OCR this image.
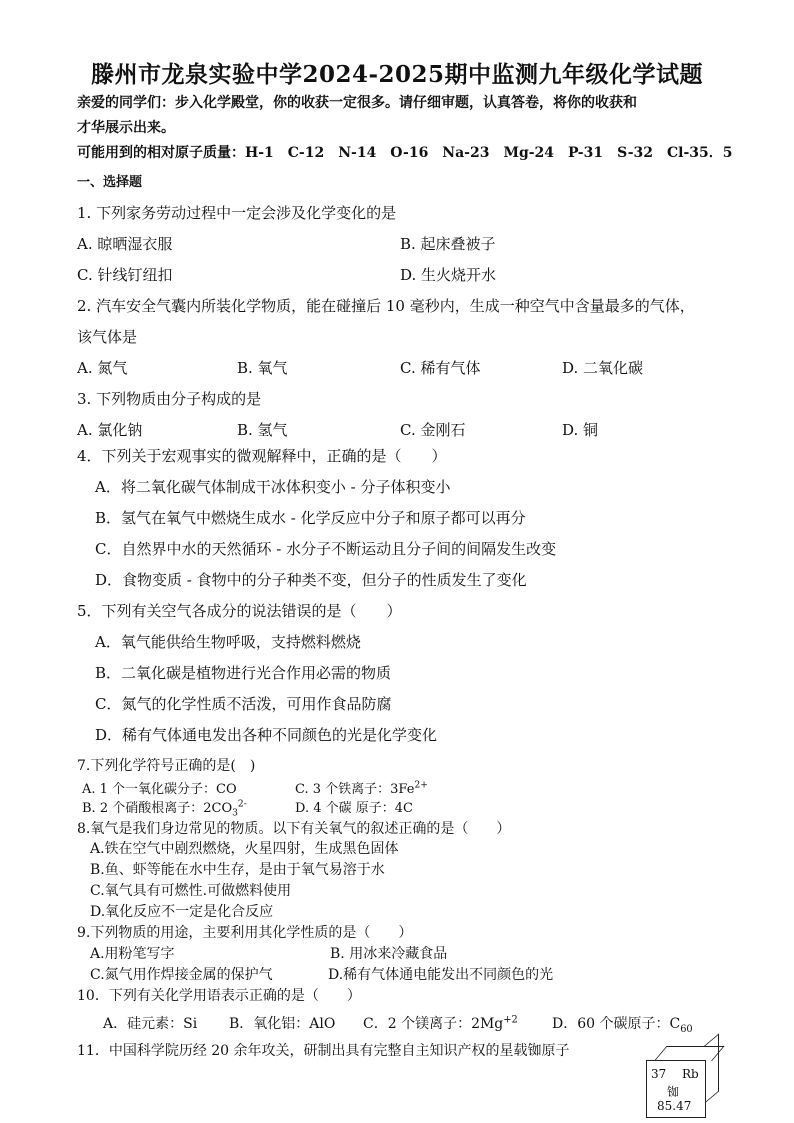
滕州市龙泉实验中学2024-2025期中监测九年级化学试题
亲爱的同学们：步入化学殿堂，你的收获一定很多。请仔细审题，认真答卷，将你的收获和
才华展示出来。
可能用到的相对原子质量：H-1　C-12　N-14　O-16　Na-23　Mg-24　P-31　S-32　Cl-35．5
一、选择题
1. 下列家务劳动过程中一定会涉及化学变化的是
A. 晾晒湿衣服	B. 起床叠被子
C. 针线钉纽扣	D. 生火烧开水
2. 汽车安全气囊内所装化学物质，能在碰撞后 10 毫秒内，生成一种空气中含量最多的气体，
该气体是
A. 氮气	B. 氧气	C. 稀有气体	D. 二氧化碳
3. 下列物质由分子构成的是
A. 氯化钠	B. 氢气	C. 金刚石	D. 铜
4．下列关于宏观事实的微观解释中，正确的是（　　）
A．将二氧化碳气体制成干冰体积变小 - 分子体积变小
B．氢气在氧气中燃烧生成水 - 化学反应中分子和原子都可以再分
C．自然界中水的天然循环 - 水分子不断运动且分子间的间隔发生改变
D．食物变质 - 食物中的分子种类不变，但分子的性质发生了变化
5．下列有关空气各成分的说法错误的是（　　）
A．氧气能供给生物呼吸，支持燃料燃烧
B．二氧化碳是植物进行光合作用必需的物质
C．氮气的化学性质不活泼，可用作食品防腐
D．稀有气体通电发出各种不同颜色的光是化学变化
7.下列化学符号正确的是(　)
A. 1 个一氧化碳分子：CO	C. 3 个铁离子：$3Fe^{2+}$
B. 2 个硝酸根离子：$2CO_3^{2-}$	D. 4 个碳 原子：4C
8.氧气是我们身边常见的物质。以下有关氧气的叙述正确的是（　　）
A.铁在空气中剧烈燃烧，火星四射，生成黑色固体
B.鱼、虾等能在水中生存，是由于氧气易溶于水
C.氧气具有可燃性.可做燃料使用
D.氧化反应不一定是化合反应
9.下列物质的用途，主要利用其化学性质的是（　　）
A.用粉笔写字	B. 用冰来冷藏食品
C.氮气用作焊接金属的保护气	D.稀有气体通电能发出不同颜色的光
10．下列有关化学用语表示正确的是（　　）
A．硅元素：Si B．氧化铝：AlO C．2 个镁离子：$2Mg^{+2}$ D．60 个碳原子：$C_{60}$
11．中国科学院历经 20 余年攻关，研制出具有完整自主知识产权的星载铷原子
37 Rb
铷
85.47
